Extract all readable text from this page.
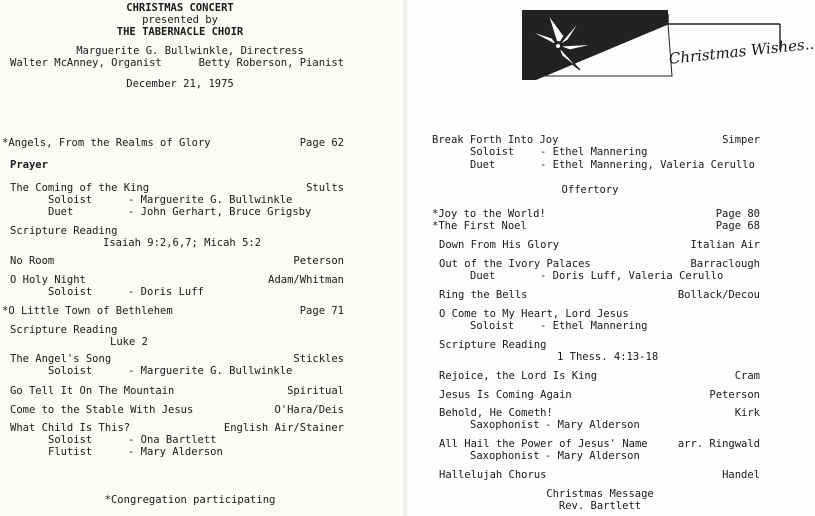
CHRISTMAS CONCERT
presented by
THE TABERNACLE CHOIR
Marguerite G. Bullwinkle, Directress
Walter McAnney, Organist	Betty Roberson, Pianist
December 21, 1975
*Angels, From the Realms of Glory	Page 62
Prayer
The Coming of the King	Stults
Soloist	- Marguerite G. Bullwinkle
Duet	- John Gerhart, Bruce Grigsby
Scripture Reading
Isaiah 9:2,6,7; Micah 5:2
No Room	Peterson
O Holy Night	Adam/Whitman
Soloist	- Doris Luff
*O Little Town of Bethlehem	Page 71
Scripture Reading
Luke 2
The Angel's Song	Stickles
Soloist	- Marguerite G. Bullwinkle
Go Tell It On The Mountain	Spiritual
Come to the Stable With Jesus	O'Hara/Deis
What Child Is This?	English Air/Stainer
Soloist	- Ona Bartlett
Flutist	- Mary Alderson
*Congregation participating
Christmas Wishes..
Break Forth Into Joy	Simper
Soloist - Ethel Mannering
Duet	- Ethel Mannering, Valeria Cerullo
Offertory
*Joy to the World!	Page 80
*The First Noel	Page 68
Down From His Glory	Italian Air
Out of the Ivory Palaces	Barraclough
Duet	- Doris Luff, Valeria Cerullo
Ring the Bells	Bollack/Decou
O Come to My Heart, Lord Jesus
Soloist - Ethel Mannering
Scripture Reading
1 Thess. 4:13-18
Rejoice, the Lord Is King	Cram
Jesus Is Coming Again	Peterson
Behold, He Cometh!	Kirk
Saxophonist - Mary Alderson
All Hail the Power of Jesus' Name	arr. Ringwald
Saxophonist - Mary Alderson
Hallelujah Chorus	Handel
Christmas Message
Rev. Bartlett
